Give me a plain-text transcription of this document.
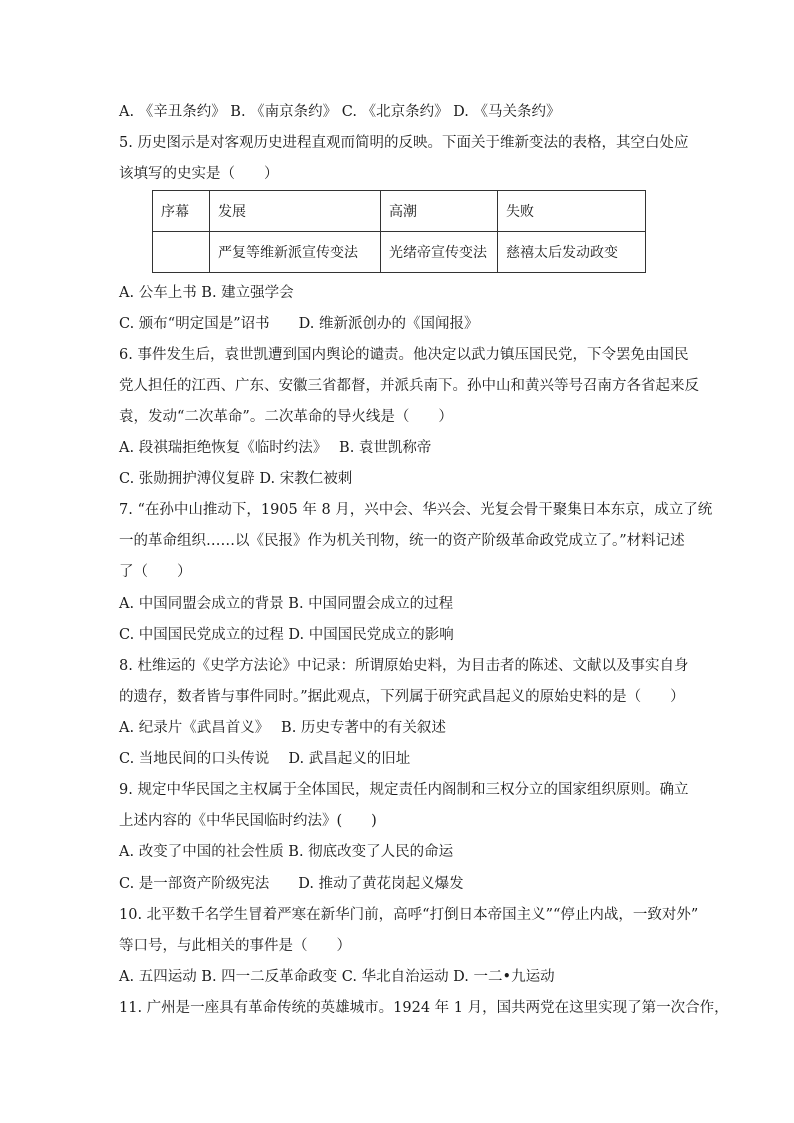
A. 《辛丑条约》 B. 《南京条约》 C. 《北京条约》 D. 《马关条约》
5. 历史图示是对客观历史进程直观而简明的反映。下面关于维新变法的表格，其空白处应
该填写的史实是（　　）
序幕	发展	高潮	失败
	严复等维新派宣传变法	光绪帝宣传变法	慈禧太后发动政变
A. 公车上书 B. 建立强学会
C. 颁布“明定国是”诏书　　D. 维新派创办的《国闻报》
6. 事件发生后，袁世凯遭到国内舆论的谴责。他决定以武力镇压国民党，下令罢免由国民
党人担任的江西、广东、安徽三省都督，并派兵南下。孙中山和黄兴等号召南方各省起来反
袁，发动“二次革命”。二次革命的导火线是（　　）
A. 段祺瑞拒绝恢复《临时约法》　 B. 袁世凯称帝
C. 张勋拥护溥仪复辟 D. 宋教仁被刺
7. “在孙中山推动下，1905 年 8 月，兴中会、华兴会、光复会骨干聚集日本东京，成立了统
一的革命组织……以《民报》作为机关刊物，统一的资产阶级革命政党成立了。”材料记述
了（　　）
A. 中国同盟会成立的背景 B. 中国同盟会成立的过程
C. 中国国民党成立的过程 D. 中国国民党成立的影响
8. 杜维运的《史学方法论》中记录：所谓原始史料，为目击者的陈述、文献以及事实自身
的遗存，数者皆与事件同时。”据此观点，下列属于研究武昌起义的原始史料的是（　　）
A. 纪录片《武昌首义》　 B. 历史专著中的有关叙述
C. 当地民间的口头传说　 D. 武昌起义的旧址
9. 规定中华民国之主权属于全体国民，规定责任内阁制和三权分立的国家组织原则。确立
上述内容的《中华民国临时约法》(　　)
A. 改变了中国的社会性质 B. 彻底改变了人民的命运
C. 是一部资产阶级宪法　　D. 推动了黄花岗起义爆发
10. 北平数千名学生冒着严寒在新华门前，高呼“打倒日本帝国主义”“停止内战，一致对外”
等口号，与此相关的事件是（　　）
A. 五四运动 B. 四一二反革命政变 C. 华北自治运动 D. 一二•九运动
11. 广州是一座具有革命传统的英雄城市。1924 年 1 月，国共两党在这里实现了第一次合作，
